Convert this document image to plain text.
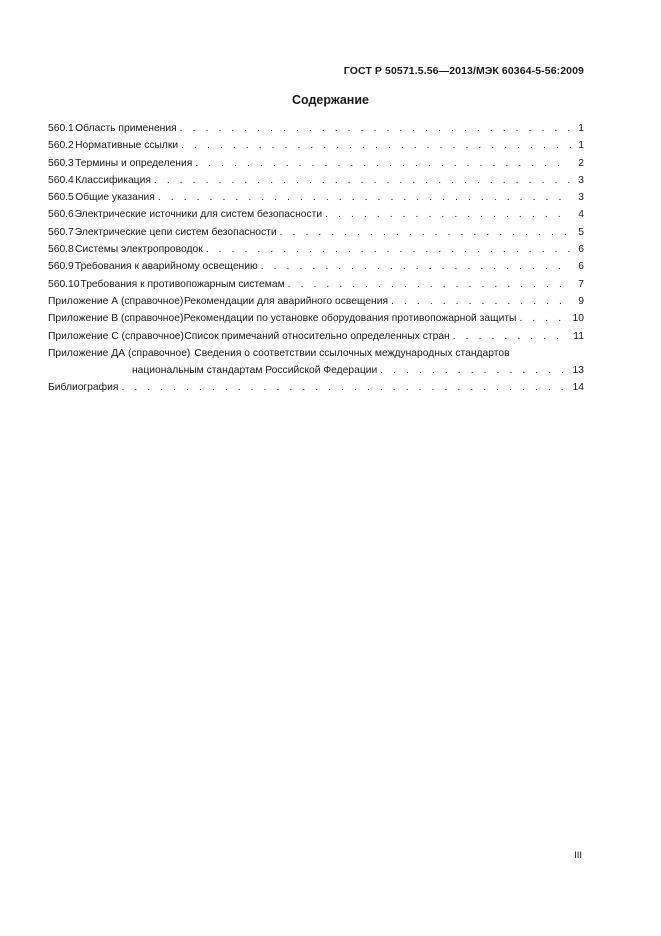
ГОСТ Р 50571.5.56—2013/МЭК 60364-5-56:2009
Содержание
560.1 Область применения . . .	1
560.2 Нормативные ссылки . . .	1
560.3 Термины и определения . . .	2
560.4 Классификация . . .	3
560.5 Общие указания . . .	3
560.6 Электрические источники для систем безопасности . . .	4
560.7 Электрические цепи систем безопасности . . .	5
560.8 Системы электропроводок . . .	6
560.9 Требования к аварийному освещению . . .	6
560.10 Требования к противопожарным системам . . .	7
Приложение А (справочное) Рекомендации для аварийного освещения . . .	9
Приложение В (справочное) Рекомендации по установке оборудования противопожарной защиты . . .	10
Приложение С (справочное) Список примечаний относительно определенных стран . . .	11
Приложение ДА (справочное) Сведения о соответствии ссылочных международных стандартов
национальным стандартам Российской Федерации . . .	13
Библиография . . .	14
III
